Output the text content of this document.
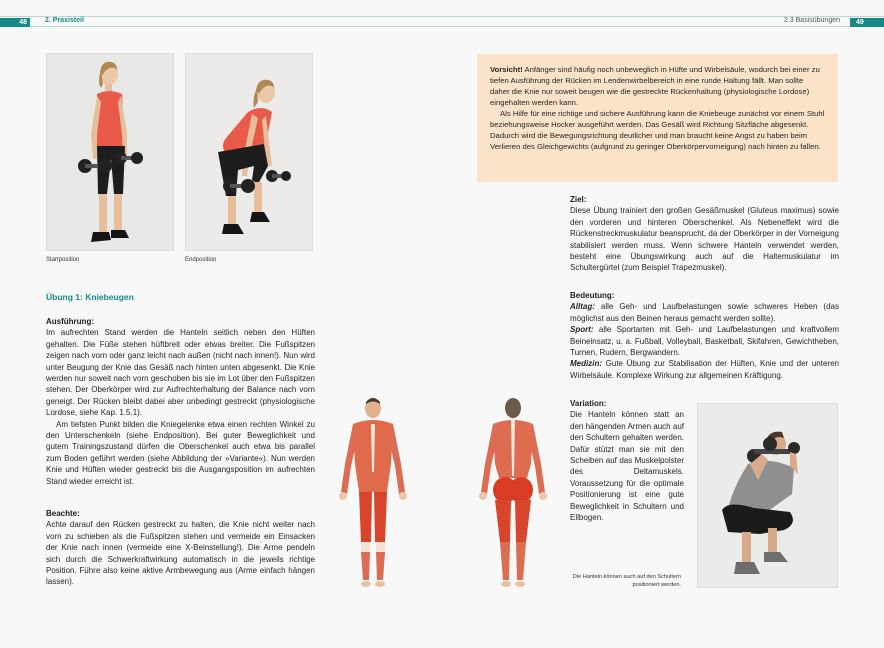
48	2. Praxisteil	2.3 Basisübungen	49
Startposition	Endposition
Übung 1: Kniebeugen
Ausführung:

Im aufrechten Stand werden die Hanteln seitlich neben den Hüften gehalten. Die Füße stehen hüftbreit oder etwas breiter. Die Fußspitzen zeigen nach vorn oder ganz leicht nach außen (nicht nach innen!). Nun wird unter Beugung der Knie das Gesäß nach hinten unten abgesenkt. Die Knie werden nur soweit nach vorn geschoben bis sie im Lot über den Fußspitzen stehen. Der Oberkörper wird zur Aufrechterhaltung der Balance nach vorn geneigt. Der Rücken bleibt dabei aber unbedingt gestreckt (physiologische Lordose, siehe Kap. 1.5.1).

Am tiefsten Punkt bilden die Kniegelenke etwa einen rechten Winkel zu den Unterschenkeln (siehe Endposition). Bei guter Beweglichkeit und gutem Trainingszustand dürfen die Oberschenkel auch etwa bis parallel zum Boden geführt werden (siehe Abbildung der »Variante«). Nun werden Knie und Hüften wieder gestreckt bis die Ausgangsposition im aufrechten Stand wieder erreicht ist.

Beachte:

Achte darauf den Rücken gestreckt zu halten, die Knie nicht weiter nach vorn zu schieben als die Fußspitzen stehen und vermeide ein Einsacken der Knie nach innen (vermeide eine X-Beinstellung!). Die Arme pendeln sich durch die Schwerkraftwirkung automatisch in die jeweils richtige Position. Führe also keine aktive Armbewegung aus (Arme einfach hängen lassen).

Vorsicht! Anfänger sind häufig noch unbeweglich in Hüfte und Wirbelsäule, wodurch bei einer zu tiefen Ausführung der Rücken im Lendenwirbelbereich in eine runde Haltung fällt. Man sollte daher die Knie nur soweit beugen wie die gestreckte Rückenhaltung (physiologische Lordose) eingehalten werden kann.

Als Hilfe für eine richtige und sichere Ausführung kann die Kniebeuge zunächst vor einem Stuhl beziehungsweise Hocker ausgeführt werden. Das Gesäß wird Richtung Sitzfläche abgesenkt. Dadurch wird die Bewegungsrichtung deutlicher und man braucht keine Angst zu haben beim Verlieren des Gleichgewichts (aufgrund zu geringer Oberkörpervorneigung) nach hinten zu fallen.

Ziel:

Diese Übung trainiert den großen Gesäßmuskel (Gluteus maximus) sowie den vorderen und hinteren Oberschenkel. Als Nebeneffekt wird die Rückenstreckmuskulatur beansprucht, da der Oberkörper in der Vorneigung stabilisiert werden muss. Wenn schwere Hanteln verwendet werden, besteht eine Übungswirkung auch auf die Haltemuskulatur im Schultergürtel (zum Beispiel Trapezmuskel).

Bedeutung:

Alltag: alle Geh- und Laufbelastungen sowie schweres Heben (das möglichst aus den Beinen heraus gemacht werden sollte).

Sport: alle Sportarten mit Geh- und Laufbelastungen und kraftvollem Beineinsatz, u. a. Fußball, Volleyball, Basketball, Skifahren, Gewichtheben, Turnen, Rudern, Bergwandern.

Medizin: Gute Übung zur Stabilisation der Hüften, Knie und der unteren Wirbelsäule. Komplexe Wirkung zur allgemeinen Kräftigung.

Variation:

Die Hanteln können statt an den hängenden Armen auch auf den Schultern gehalten werden. Dafür stützt man sie mit den Scheiben auf das Muskelpolster des Deltamuskels. Voraussetzung für die optimale Positionierung ist eine gute Beweglichkeit in Schultern und Ellbogen.

Die Hanteln können auch auf den Schultern positioniert werden.
